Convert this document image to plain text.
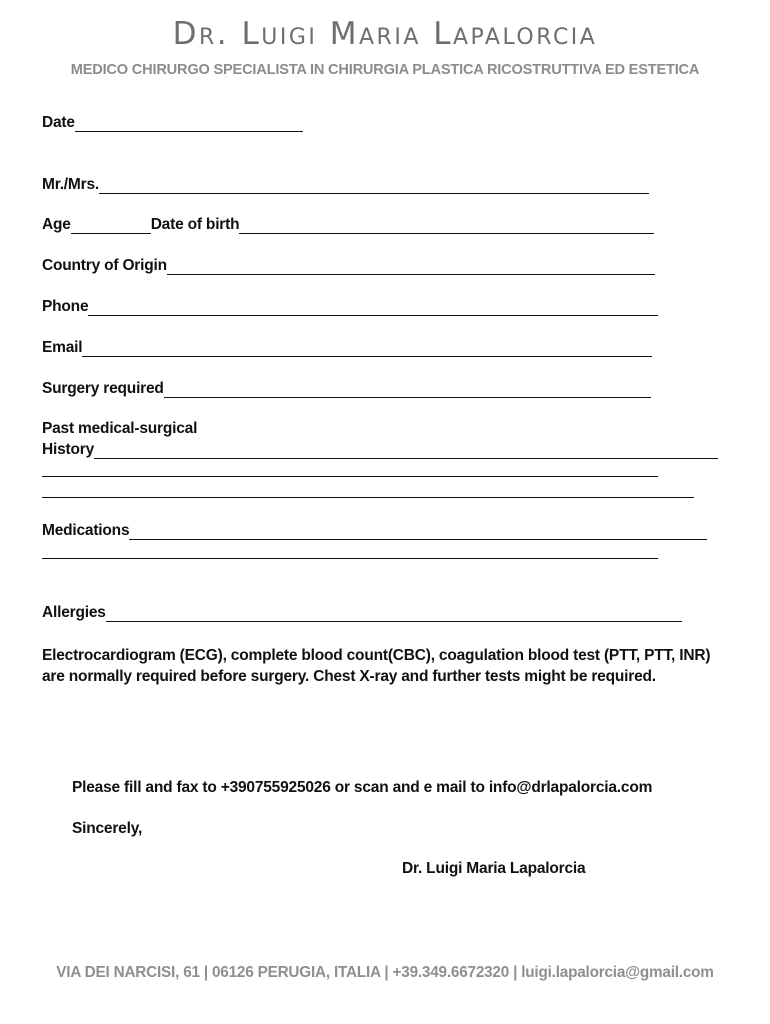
Dr. Luigi Maria Lapalorcia
MEDICO CHIRURGO SPECIALISTA IN CHIRURGIA PLASTICA RICOSTRUTTIVA ED ESTETICA
Date
Mr./Mrs.
Age	Date of birth
Country of Origin
Phone
Email
Surgery required
Past medical-surgical
History
Medications
Allergies
Electrocardiogram (ECG), complete blood count(CBC), coagulation blood test (PTT, PTT, INR) are normally required before surgery. Chest X-ray and further tests might be required.
Please fill and fax to +390755925026 or scan and e mail to info@drlapalorcia.com
Sincerely,
Dr. Luigi Maria Lapalorcia
VIA DEI NARCISI, 61 | 06126 PERUGIA, ITALIA | +39.349.6672320 | luigi.lapalorcia@gmail.com
